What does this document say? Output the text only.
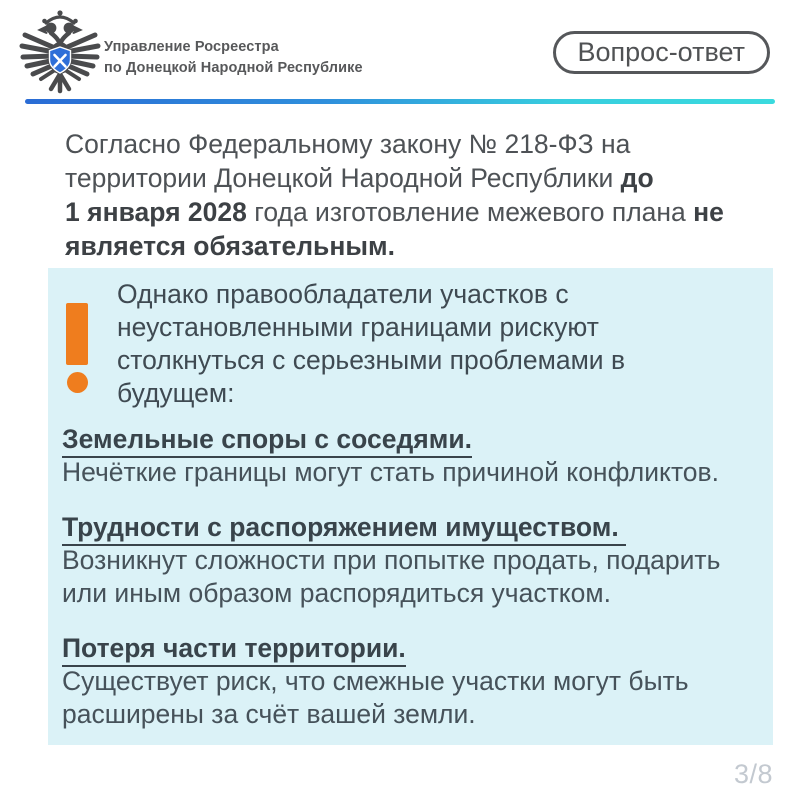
Управление Росреестра
по Донецкой Народной Республике
Вопрос-ответ
Согласно Федеральному закону № 218-ФЗ на
территории Донецкой Народной Республики до
1 января 2028 года изготовление межевого плана не
является обязательным.
Однако правообладатели участков с
неустановленными границами рискуют
столкнуться с серьезными проблемами в
будущем:
Земельные споры с соседями.
Нечёткие границы могут стать причиной конфликтов.
Трудности с распоряжением имуществом.
Возникнут сложности при попытке продать, подарить
или иным образом распорядиться участком.
Потеря части территории.
Существует риск, что смежные участки могут быть
расширены за счёт вашей земли.
3/8
